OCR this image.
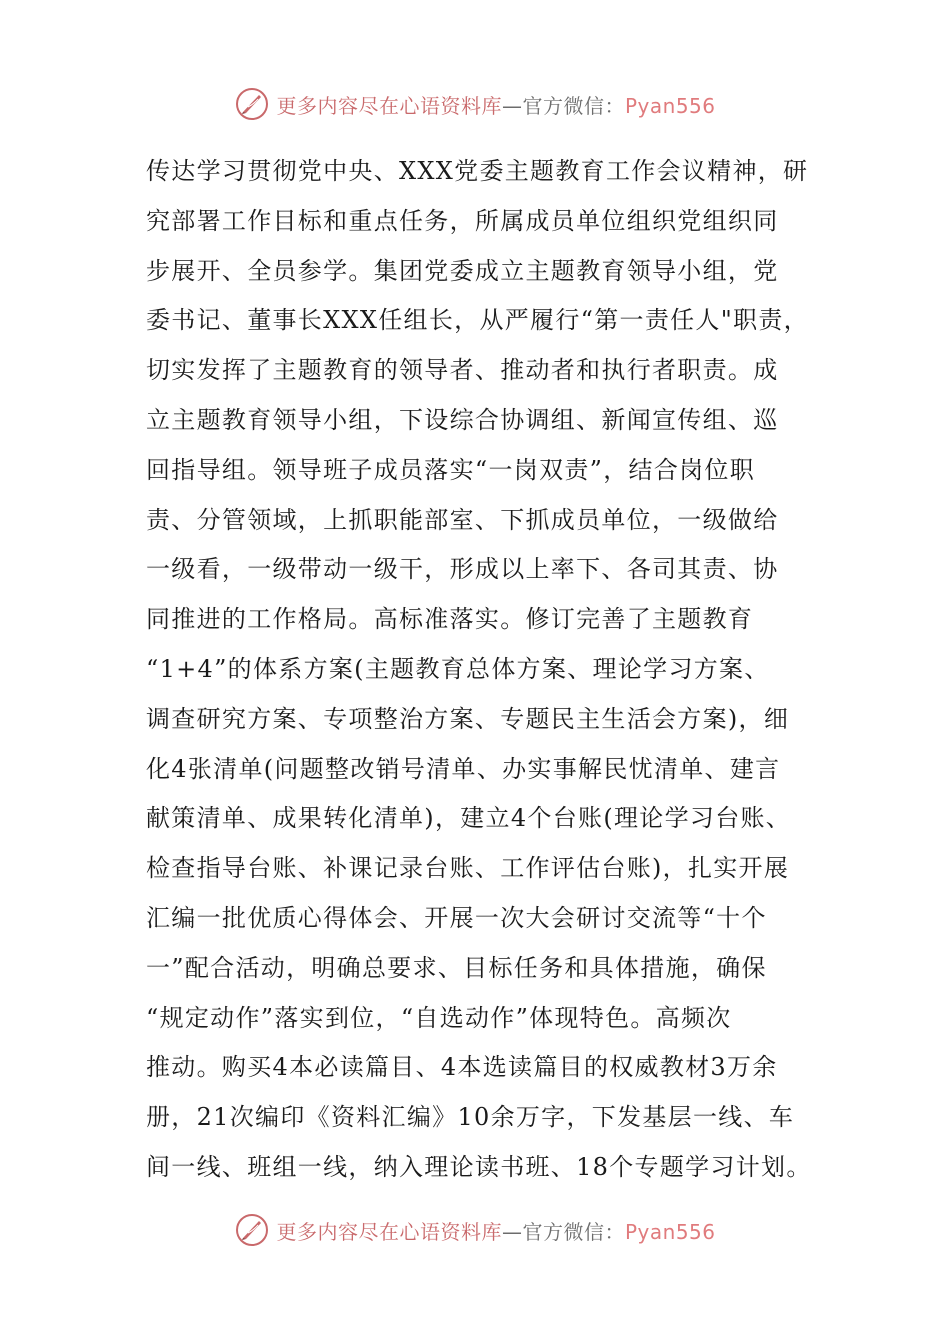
更多内容尽在心语资料库—官方微信：Pyan556
传达学习贯彻党中央、XXX党委主题教育工作会议精神，研
究部署工作目标和重点任务，所属成员单位组织党组织同
步展开、全员参学。集团党委成立主题教育领导小组，党
委书记、董事长XXX任组长，从严履行“第一责任人"职责，
切实发挥了主题教育的领导者、推动者和执行者职责。成
立主题教育领导小组，下设综合协调组、新闻宣传组、巡
回指导组。领导班子成员落实“一岗双责”，结合岗位职
责、分管领域，上抓职能部室、下抓成员单位，一级做给
一级看，一级带动一级干，形成以上率下、各司其责、协
同推进的工作格局。高标准落实。修订完善了主题教育
“1+4”的体系方案(主题教育总体方案、理论学习方案、
调查研究方案、专项整治方案、专题民主生活会方案)，细
化4张清单(问题整改销号清单、办实事解民忧清单、建言
献策清单、成果转化清单)，建立4个台账(理论学习台账、
检查指导台账、补课记录台账、工作评估台账)，扎实开展
汇编一批优质心得体会、开展一次大会研讨交流等“十个
一”配合活动，明确总要求、目标任务和具体措施，确保
“规定动作”落实到位，“自选动作”体现特色。高频次
推动。购买4本必读篇目、4本选读篇目的权威教材3万余
册，21次编印《资料汇编》10余万字，下发基层一线、车
间一线、班组一线，纳入理论读书班、18个专题学习计划。
更多内容尽在心语资料库—官方微信：Pyan556
